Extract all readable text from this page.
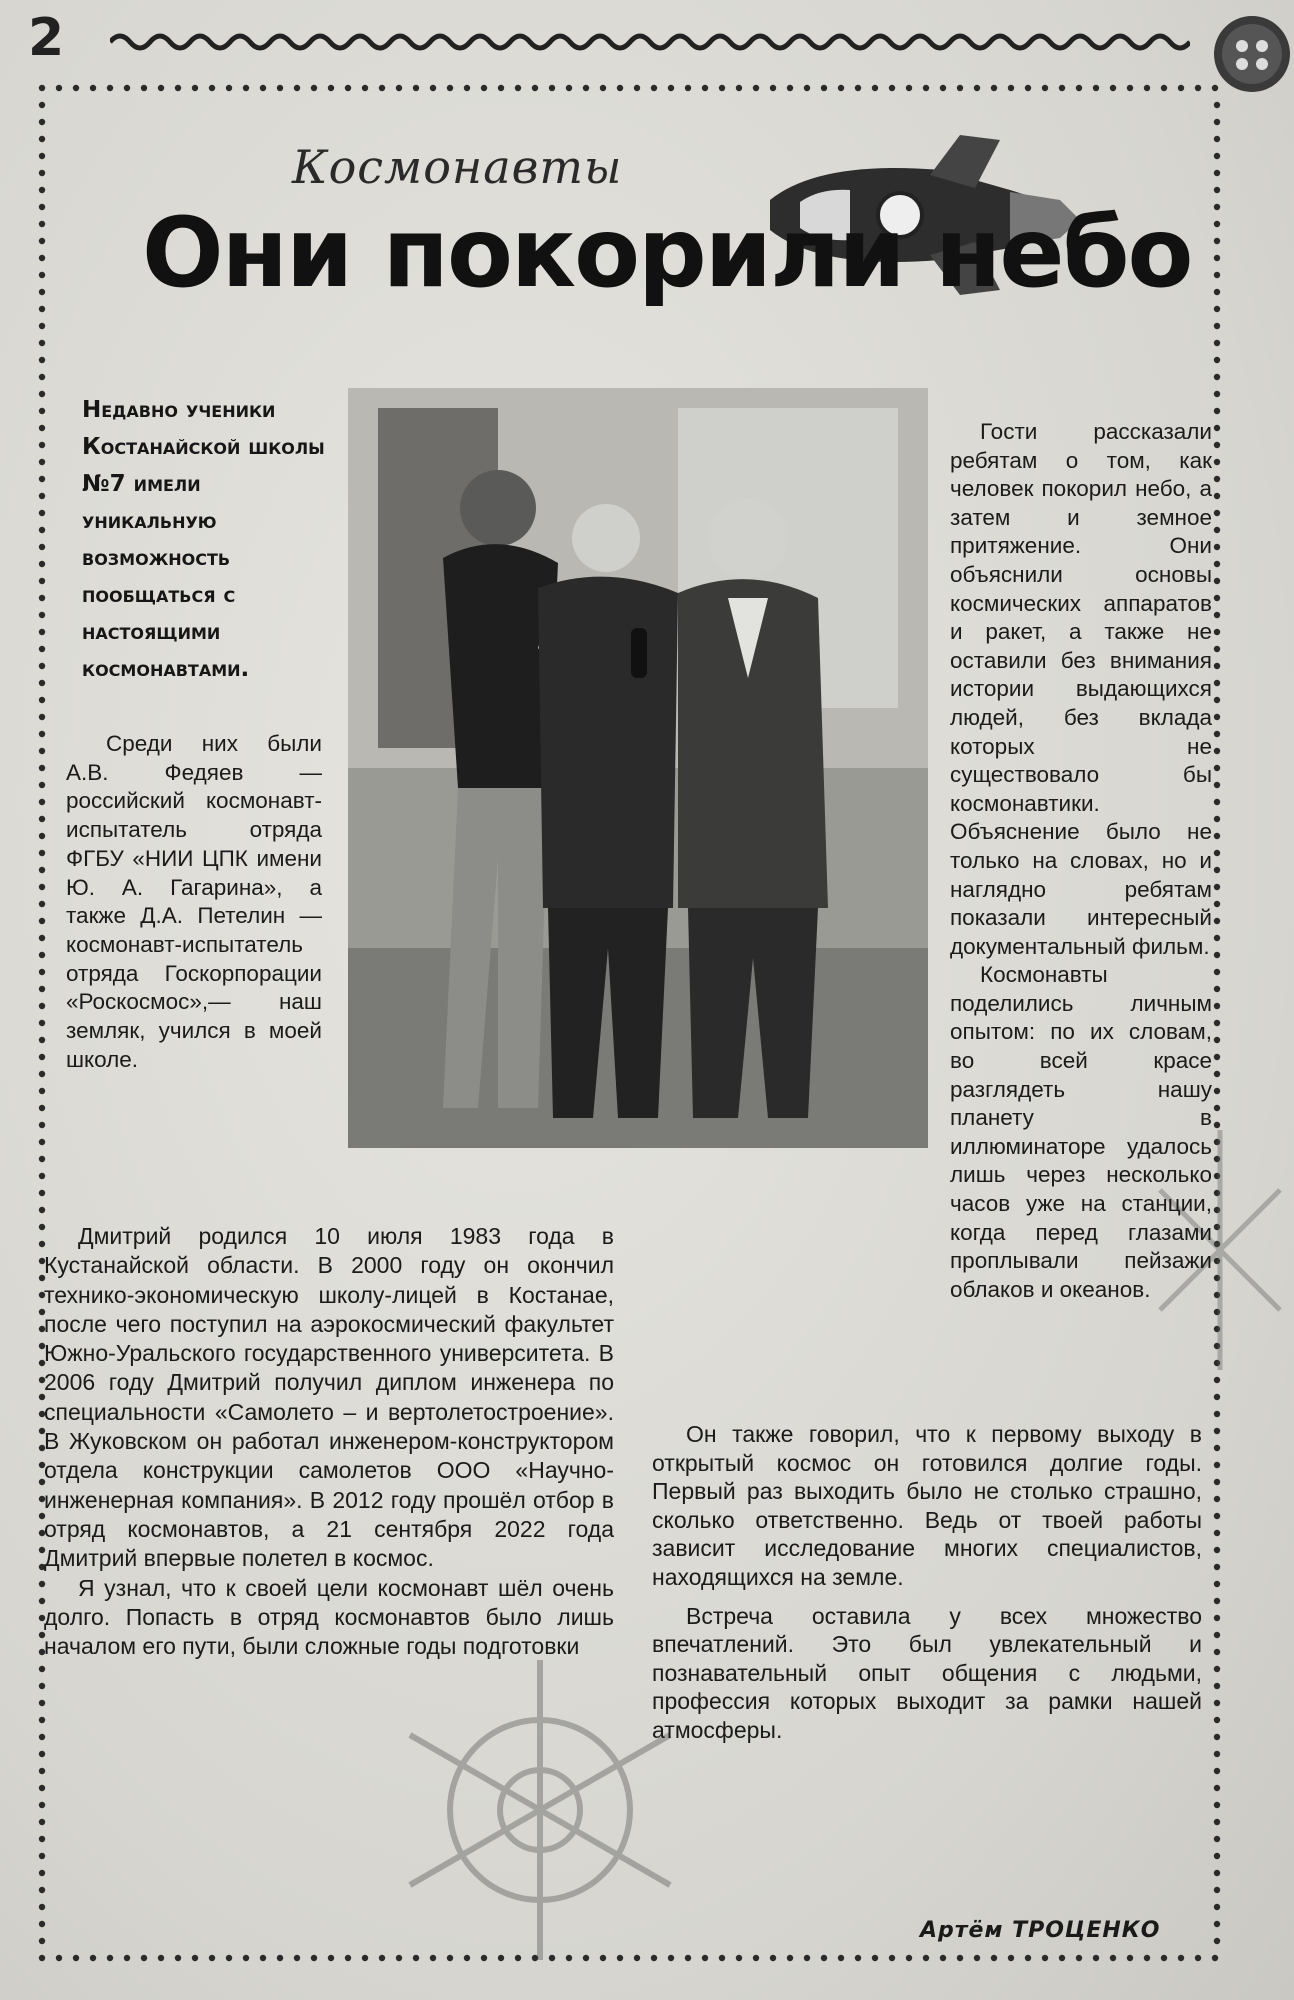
2
Космонавты
Они покорили небо

Недавно ученики Костанайской школы №7 имели уникальную возможность пообщаться с настоящими космонавтами.

Среди них были А.В. Федяев — российский космонавт-испытатель отряда ФГБУ «НИИ ЦПК имени Ю. А. Гагарина», а также Д.А. Петелин — космонавт-испытатель отряда Госкорпорации «Роскосмос»,— наш земляк, учился в моей школе.

Гости рассказали ребятам о том, как человек покорил небо, а затем и земное притяжение. Они объяснили основы космических аппаратов и ракет, а также не оставили без внимания истории выдающихся людей, без вклада которых не существовало бы космонавтики. Объяснение было не только на словах, но и наглядно ребятам показали интересный документальный фильм.
Космонавты поделились личным опытом: по их словам, во всей красе разглядеть нашу планету в иллюминаторе удалось лишь через несколько часов уже на станции, когда перед глазами проплывали пейзажи облаков и океанов.

Дмитрий родился 10 июля 1983 года в Кустанайской области. В 2000 году он окончил технико-экономическую школу-лицей в Костанае, после чего поступил на аэрокосмический факультет Южно-Уральского государственного университета. В 2006 году Дмитрий получил диплом инженера по специальности «Самолето – и вертолетостроение». В Жуковском он работал инженером-конструктором отдела конструкции самолетов ООО «Научно-инженерная компания». В 2012 году прошёл отбор в отряд космонавтов, а 21 сентября 2022 года Дмитрий впервые полетел в космос.

Я узнал, что к своей цели космонавт шёл очень долго. Попасть в отряд космонавтов было лишь началом его пути, были сложные годы подготовки

Он также говорил, что к первому выходу в открытый космос он готовился долгие годы. Первый раз выходить было не столько страшно, сколько ответственно. Ведь от твоей работы зависит исследование многих специалистов, находящихся на земле.

Встреча оставила у всех множество впечатлений. Это был увлекательный и познавательный опыт общения с людьми, профессия которых выходит за рамки нашей атмосферы.

Артём ТРОЦЕНКО
